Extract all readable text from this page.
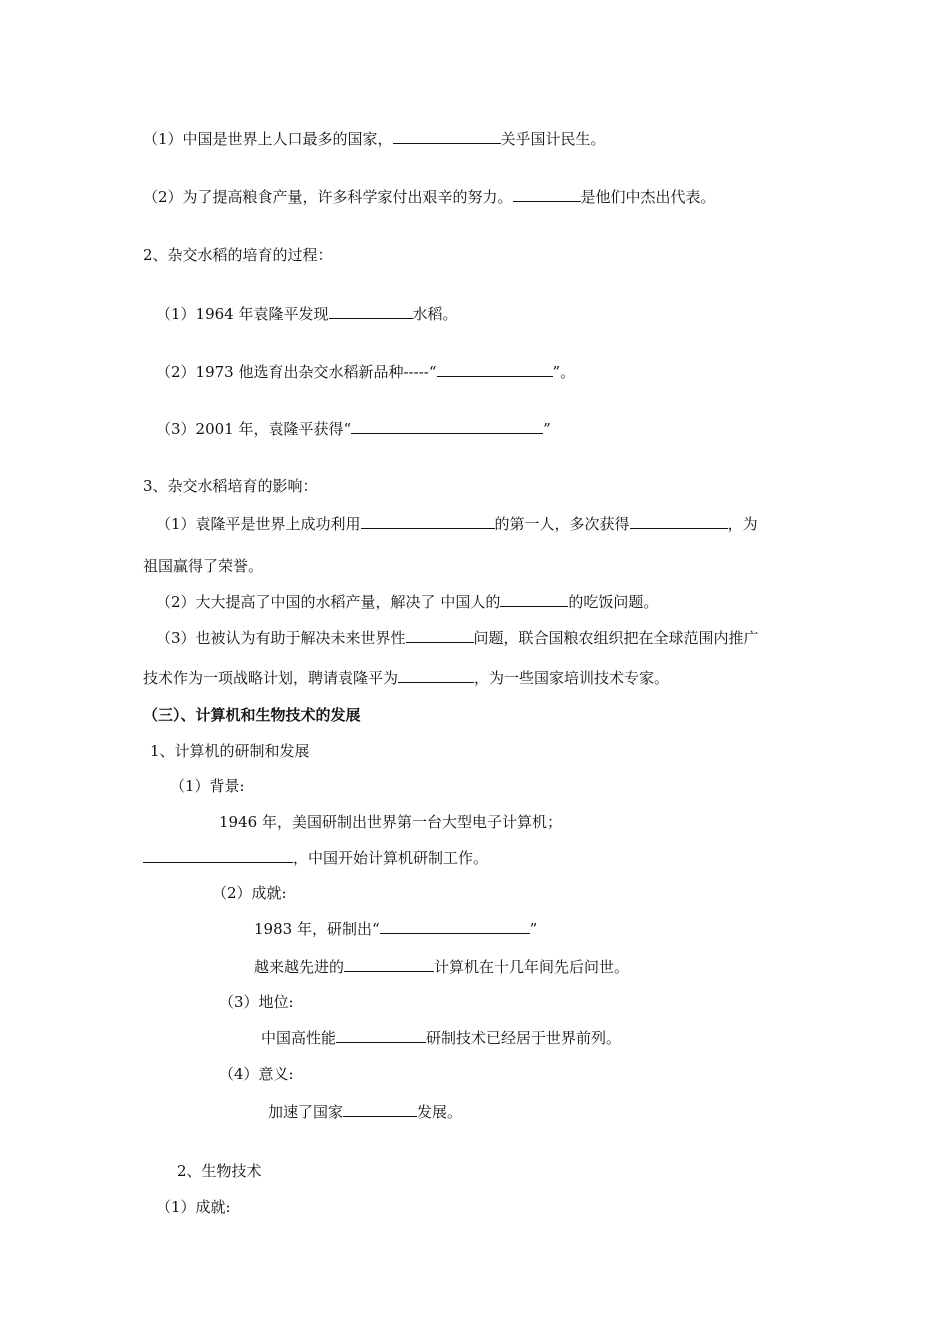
（1）中国是世界上人口最多的国家，	关乎国计民生。
（2）为了提高粮食产量，许多科学家付出艰辛的努力。	是他们中杰出代表。
2、杂交水稻的培育的过程：
（1）1964 年袁隆平发现	水稻。
（2）1973 他选育出杂交水稻新品种-----“	”。
（3）2001 年，袁隆平获得“	”
3、杂交水稻培育的影响：
（1）袁隆平是世界上成功利用	的第一人，多次获得	，为
祖国赢得了荣誉。
（2）大大提高了中国的水稻产量，解决了 中国人的	的吃饭问题。
（3）也被认为有助于解决未来世界性	问题，联合国粮农组织把在全球范围内推广
技术作为一项战略计划，聘请袁隆平为	，为一些国家培训技术专家。
（三）、计算机和生物技术的发展
1、计算机的研制和发展
（1）背景:
1946 年，美国研制出世界第一台大型电子计算机；
，中国开始计算机研制工作。
（2）成就:
1983 年，研制出“	”
越来越先进的	计算机在十几年间先后问世。
（3）地位:
中国高性能	研制技术已经居于世界前列。
（4）意义:
加速了国家	发展。
2、生物技术
（1）成就:
